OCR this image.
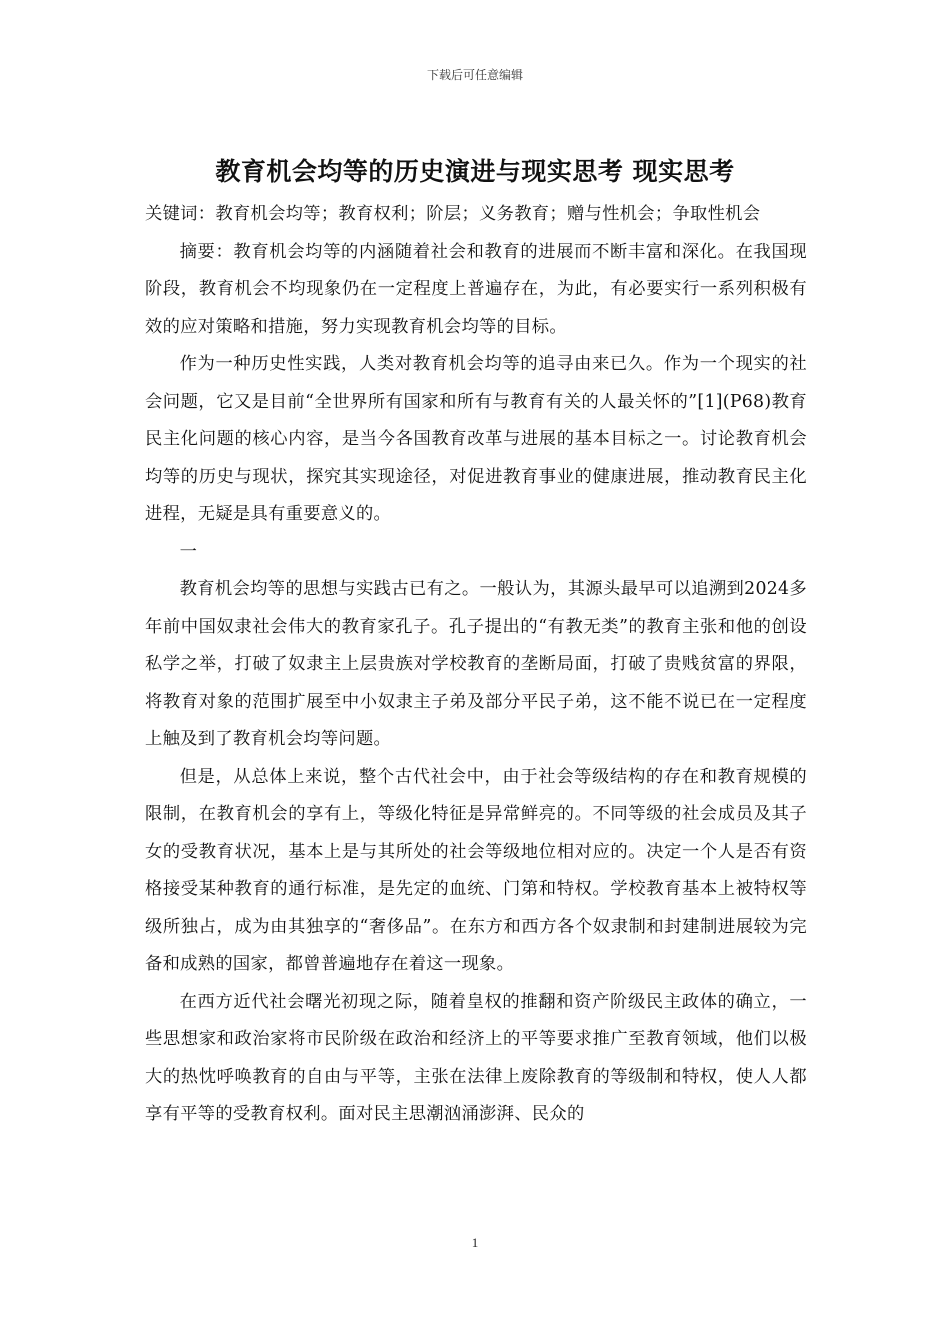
下载后可任意编辑
教育机会均等的历史演进与现实思考 现实思考

关键词：教育机会均等；教育权利；阶层；义务教育；赠与性机会；争取性机会

摘要：教育机会均等的内涵随着社会和教育的进展而不断丰富和深化。在我国现阶段，教育机会不均现象仍在一定程度上普遍存在，为此，有必要实行一系列积极有效的应对策略和措施，努力实现教育机会均等的目标。

作为一种历史性实践，人类对教育机会均等的追寻由来已久。作为一个现实的社会问题，它又是目前“全世界所有国家和所有与教育有关的人最关怀的”[1](P68)教育民主化问题的核心内容，是当今各国教育改革与进展的基本目标之一。讨论教育机会均等的历史与现状，探究其实现途径，对促进教育事业的健康进展，推动教育民主化进程，无疑是具有重要意义的。

一

教育机会均等的思想与实践古已有之。一般认为，其源头最早可以追溯到2024多年前中国奴隶社会伟大的教育家孔子。孔子提出的“有教无类”的教育主张和他的创设私学之举，打破了奴隶主上层贵族对学校教育的垄断局面，打破了贵贱贫富的界限，将教育对象的范围扩展至中小奴隶主子弟及部分平民子弟，这不能不说已在一定程度上触及到了教育机会均等问题。

但是，从总体上来说，整个古代社会中，由于社会等级结构的存在和教育规模的限制，在教育机会的享有上，等级化特征是异常鲜亮的。不同等级的社会成员及其子女的受教育状况，基本上是与其所处的社会等级地位相对应的。决定一个人是否有资格接受某种教育的通行标准，是先定的血统、门第和特权。学校教育基本上被特权等级所独占，成为由其独享的“奢侈品”。在东方和西方各个奴隶制和封建制进展较为完备和成熟的国家，都曾普遍地存在着这一现象。

在西方近代社会曙光初现之际，随着皇权的推翻和资产阶级民主政体的确立，一些思想家和政治家将市民阶级在政治和经济上的平等要求推广至教育领域，他们以极大的热忱呼唤教育的自由与平等，主张在法律上废除教育的等级制和特权，使人人都享有平等的受教育权利。面对民主思潮汹涌澎湃、民众的

1
